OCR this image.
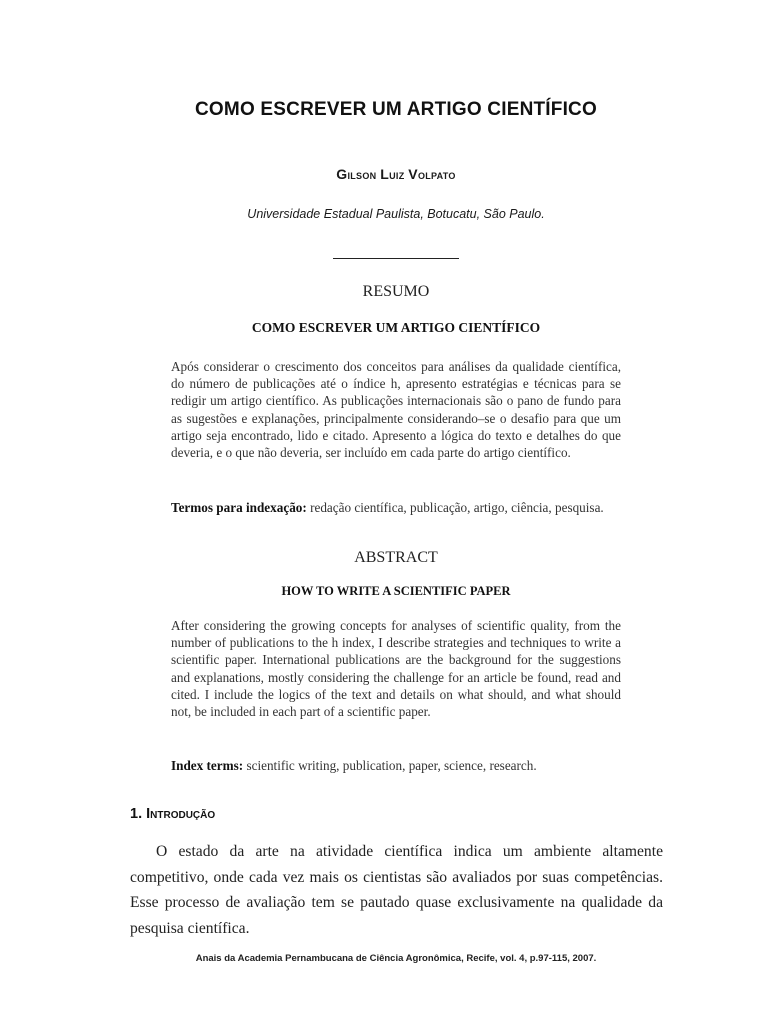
COMO ESCREVER UM ARTIGO CIENTÍFICO
Gilson Luiz Volpato
Universidade Estadual Paulista, Botucatu, São Paulo.
RESUMO
COMO ESCREVER UM ARTIGO CIENTÍFICO
Após considerar o crescimento dos conceitos para análises da qualidade científica, do número de publicações até o índice h, apresento estratégias e técnicas para se redigir um artigo científico. As publicações internacionais são o pano de fundo para as sugestões e explanações, principalmente considerando–se o desafio para que um artigo seja encontrado, lido e citado. Apresento a lógica do texto e detalhes do que deveria, e o que não deveria, ser incluído em cada parte do artigo científico.
Termos para indexação: redação científica, publicação, artigo, ciência, pesquisa.
ABSTRACT
HOW TO WRITE A SCIENTIFIC PAPER
After considering the growing concepts for analyses of scientific quality, from the number of publications to the h index, I describe strategies and techniques to write a scientific paper. International publications are the background for the suggestions and explanations, mostly considering the challenge for an article be found, read and cited. I include the logics of the text and details on what should, and what should not, be included in each part of a scientific paper.
Index terms: scientific writing, publication, paper, science, research.
1. Introdução
O estado da arte na atividade científica indica um ambiente altamente competitivo, onde cada vez mais os cientistas são avaliados por suas competências. Esse processo de avaliação tem se pautado quase exclusivamente na qualidade da pesquisa científica.
Anais da Academia Pernambucana de Ciência Agronômica, Recife, vol. 4, p.97-115, 2007.
